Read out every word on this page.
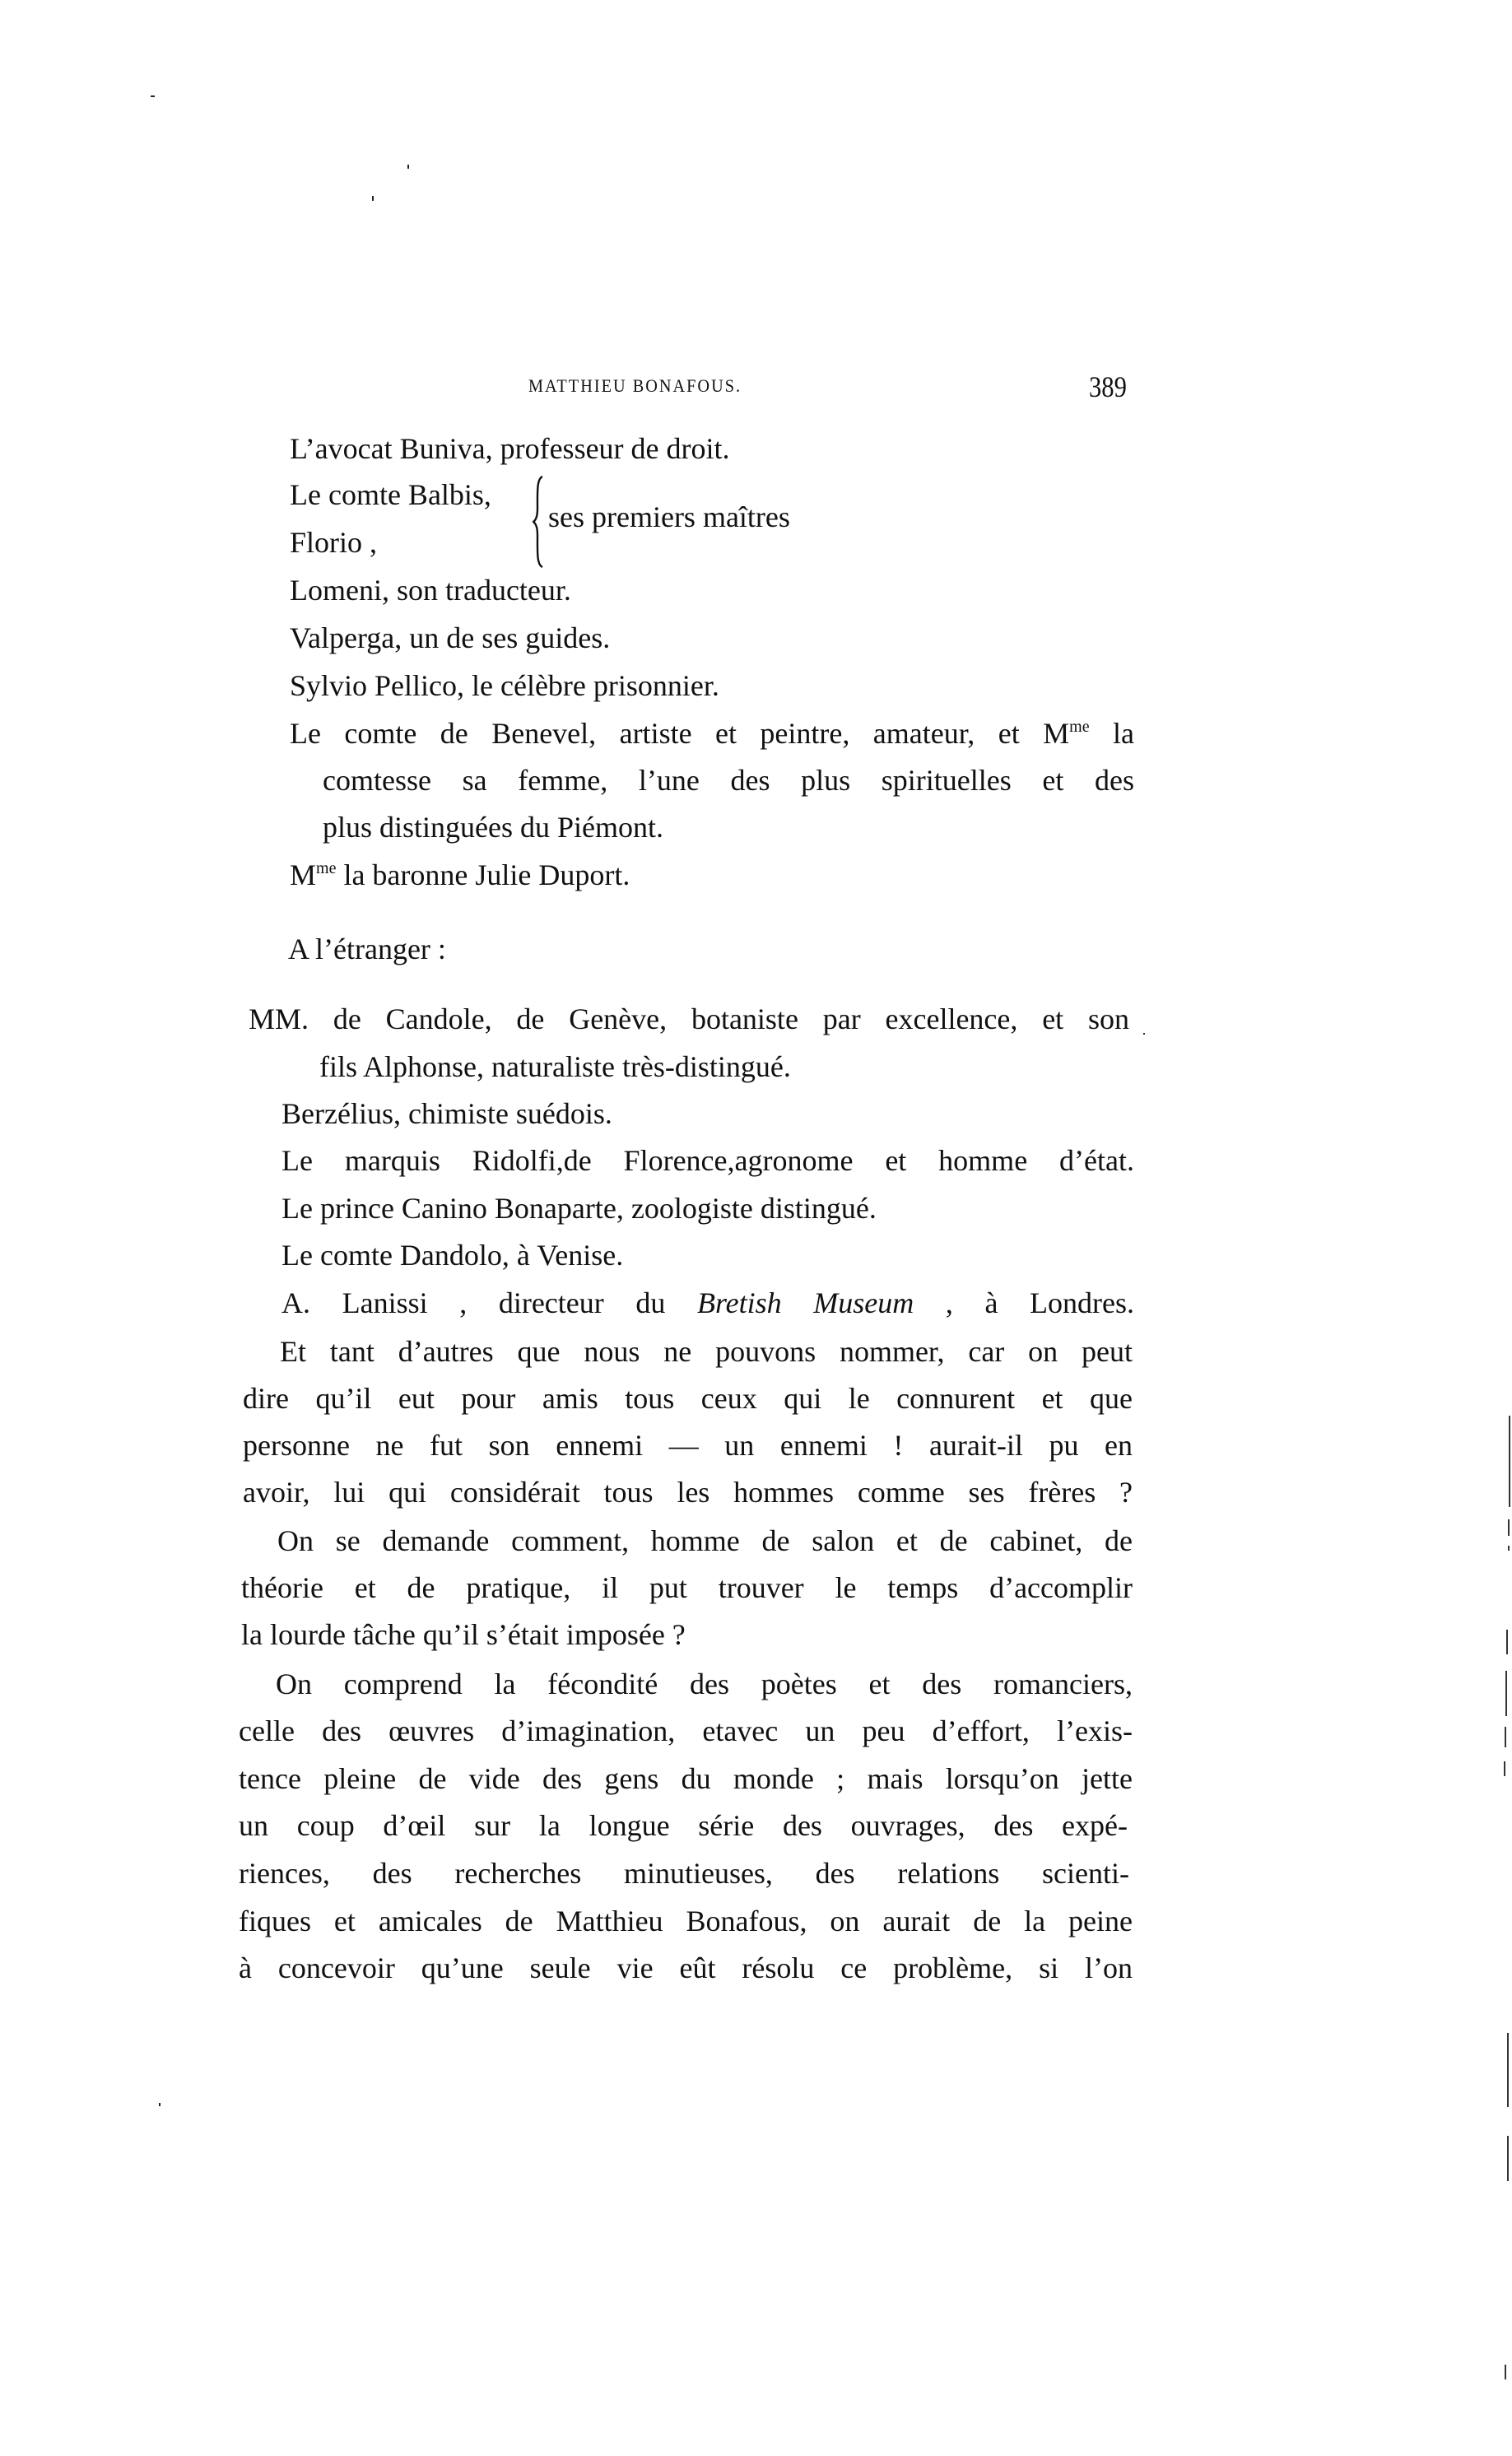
MATTHIEU BONAFOUS.	389
L’avocat Buniva, professeur de droit.
Le comte Balbis,
Florio ,
ses premiers maîtres
Lomeni, son traducteur.
Valperga, un de ses guides.
Sylvio Pellico, le célèbre prisonnier.
Le comte de Benevel, artiste et peintre, amateur, et $M^{me}$ la
comtesse sa femme, l’une des plus spirituelles et des
plus distinguées du Piémont.
$M^{me}$ la baronne Julie Duport.
A l’étranger :
MM. de Candole, de Genève, botaniste par excellence, et son
fils Alphonse, naturaliste très-distingué.
Berzélius, chimiste suédois.
Le marquis Ridolfi,de Florence,agronome et homme d’état.
Le prince Canino Bonaparte, zoologiste distingué.
Le comte Dandolo, à Venise.
A. Lanissi , directeur du Bretish Museum , à Londres.
Et tant d’autres que nous ne pouvons nommer, car on peut
dire qu’il eut pour amis tous ceux qui le connurent et que
personne ne fut son ennemi — un ennemi ! aurait-il pu en
avoir, lui qui considérait tous les hommes comme ses frères ?
On se demande comment, homme de salon et de cabinet, de
théorie et de pratique, il put trouver le temps d’accomplir
la lourde tâche qu’il s’était imposée ?
On comprend la fécondité des poètes et des romanciers,
celle des œuvres d’imagination, etavec un peu d’effort, l’exis-
tence pleine de vide des gens du monde ; mais lorsqu’on jette
un coup d’œil sur la longue série des ouvrages, des expé-
riences, des recherches minutieuses, des relations scienti-
fiques et amicales de Matthieu Bonafous, on aurait de la peine
à concevoir qu’une seule vie eût résolu ce problème, si l’on
